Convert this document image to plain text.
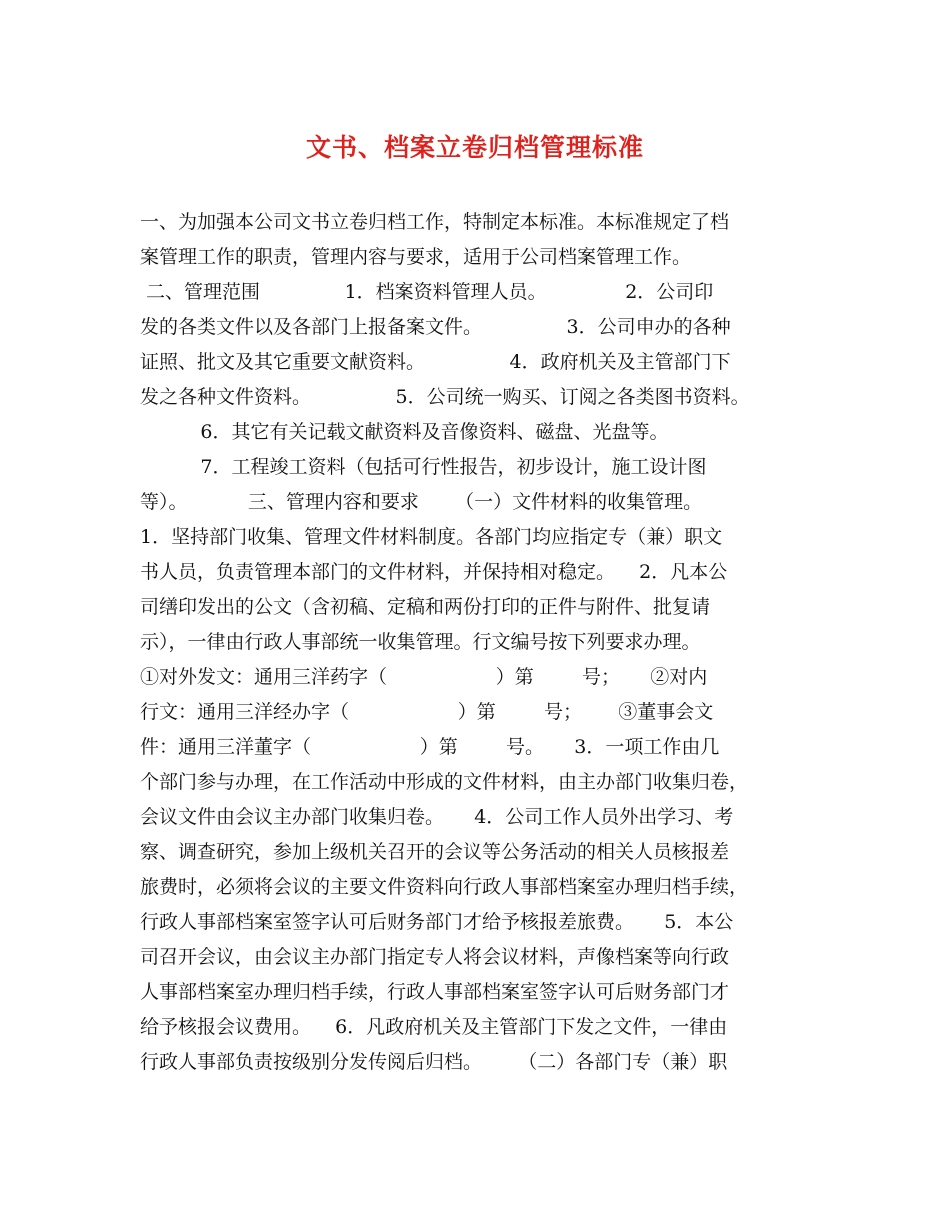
文书、档案立卷归档管理标准
一、为加强本公司文书立卷归档工作，特制定本标准。本标准规定了档
案管理工作的职责，管理内容与要求，适用于公司档案管理工作。
二、管理范围              1．档案资料管理人员。             2．公司印
发的各类文件以及各部门上报备案文件。              3．公司申办的各种
证照、批文及其它重要文献资料。              4．政府机关及主管部门下
发之各种文件资料。              5．公司统一购买、订阅之各类图书资料。
6．其它有关记载文献资料及音像资料、磁盘、光盘等。
7．工程竣工资料（包括可行性报告，初步设计，施工设计图
等）。          三、管理内容和要求      （一）文件材料的收集管理。
1．坚持部门收集、管理文件材料制度。各部门均应指定专（兼）职文
书人员，负责管理本部门的文件材料，并保持相对稳定。    2．凡本公
司缮印发出的公文（含初稿、定稿和两份打印的正件与附件、批复请
示），一律由行政人事部统一收集管理。行文编号按下列要求办理。
①对外发文：通用三洋药字（                  ）第        号；     ②对内
行文：通用三洋经办字（                  ）第        号；      ③董事会文
件：通用三洋董字（                  ）第        号。     3．一项工作由几
个部门参与办理，在工作活动中形成的文件材料，由主办部门收集归卷，
会议文件由会议主办部门收集归卷。     4．公司工作人员外出学习、考
察、调查研究，参加上级机关召开的会议等公务活动的相关人员核报差
旅费时，必须将会议的主要文件资料向行政人事部档案室办理归档手续，
行政人事部档案室签字认可后财务部门才给予核报差旅费。     5．本公
司召开会议，由会议主办部门指定专人将会议材料，声像档案等向行政
人事部档案室办理归档手续，行政人事部档案室签字认可后财务部门才
给予核报会议费用。    6．凡政府机关及主管部门下发之文件，一律由
行政人事部负责按级别分发传阅后归档。      （二）各部门专（兼）职
